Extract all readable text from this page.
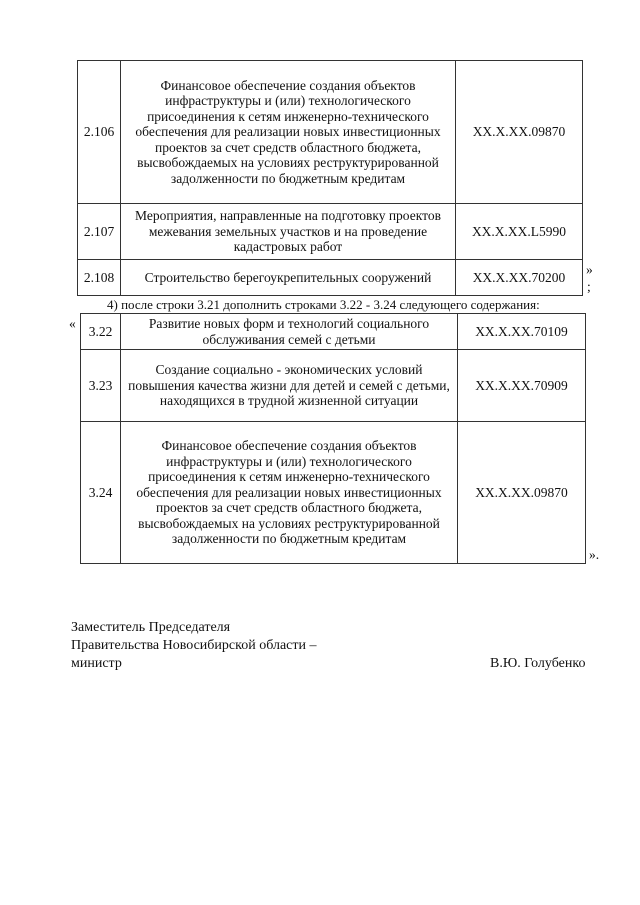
2.106	Финансовое обеспечение создания объектов инфраструктуры и (или) технологического присоединения к сетям инженерно-технического обеспечения для реализации новых инвестиционных проектов за счет средств областного бюджета, высвобождаемых на условиях реструктурированной задолженности по бюджетным кредитам	XX.X.XX.09870
2.107	Мероприятия, направленные на подготовку проектов межевания земельных участков и на проведение кадастровых работ	XX.X.XX.L5990
2.108	Строительство берегоукрепительных сооружений	XX.X.XX.70200
»
;
4) после строки 3.21 дополнить строками 3.22 - 3.24 следующего содержания:
«
3.22	Развитие новых форм и технологий социального обслуживания семей с детьми	XX.X.XX.70109
3.23	Создание социально - экономических условий повышения качества жизни для детей и семей с детьми, находящихся в трудной жизненной ситуации	XX.X.XX.70909
3.24	Финансовое обеспечение создания объектов инфраструктуры и (или) технологического присоединения к сетям инженерно-технического обеспечения для реализации новых инвестиционных проектов за счет средств областного бюджета, высвобождаемых на условиях реструктурированной задолженности по бюджетным кредитам	XX.X.XX.09870
».
Заместитель Председателя
Правительства Новосибирской области –
министр	В.Ю. Голубенко
